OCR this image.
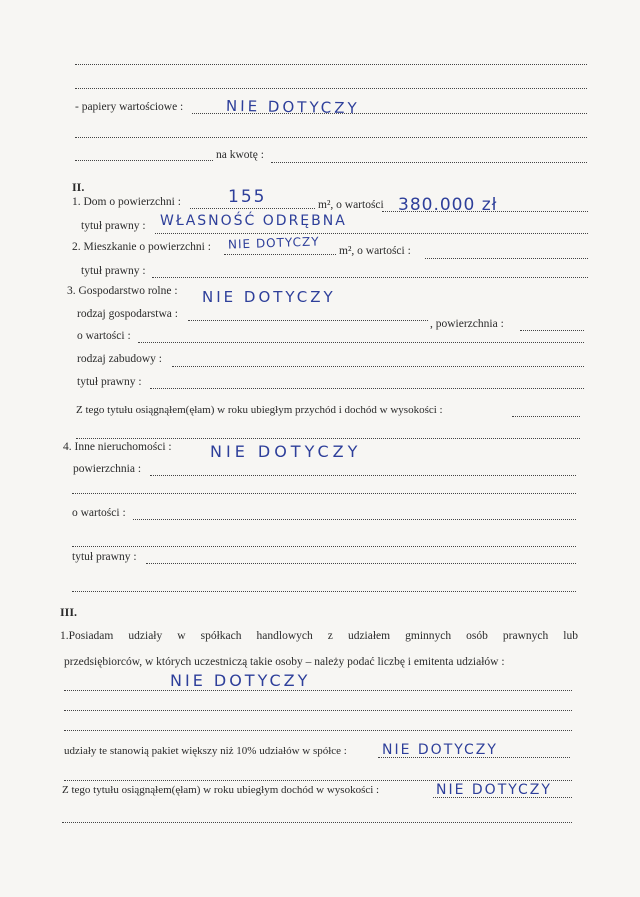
- papiery wartościowe :	NIE DOTYCZY
na kwotę :
II.
1. Dom o powierzchni :	155	m², o wartości 380.000 zł
tytuł prawny : WŁASNOŚĆ ODRĘBNA
2. Mieszkanie o powierzchni : NIE DOTYCZY m², o wartości :
tytuł prawny :
3. Gospodarstwo rolne : NIE DOTYCZY
rodzaj gospodarstwa :
, powierzchnia :
o wartości :
rodzaj zabudowy :
tytuł prawny :
Z tego tytułu osiągnąłem(ęłam) w roku ubiegłym przychód i dochód w wysokości :
4. Inne nieruchomości : NIE DOTYCZY
powierzchnia :
o wartości :
tytuł prawny :
III.
1.Posiadam udziały w spółkach handlowych z udziałem gminnych osób prawnych lub
przedsiębiorców, w których uczestniczą takie osoby – należy podać liczbę i emitenta udziałów :
NIE DOTYCZY
udziały te stanowią pakiet większy niż 10% udziałów w spółce :	NIE DOTYCZY
Z tego tytułu osiągnąłem(ęłam) w roku ubiegłym dochód w wysokości :	NIE DOTYCZY
